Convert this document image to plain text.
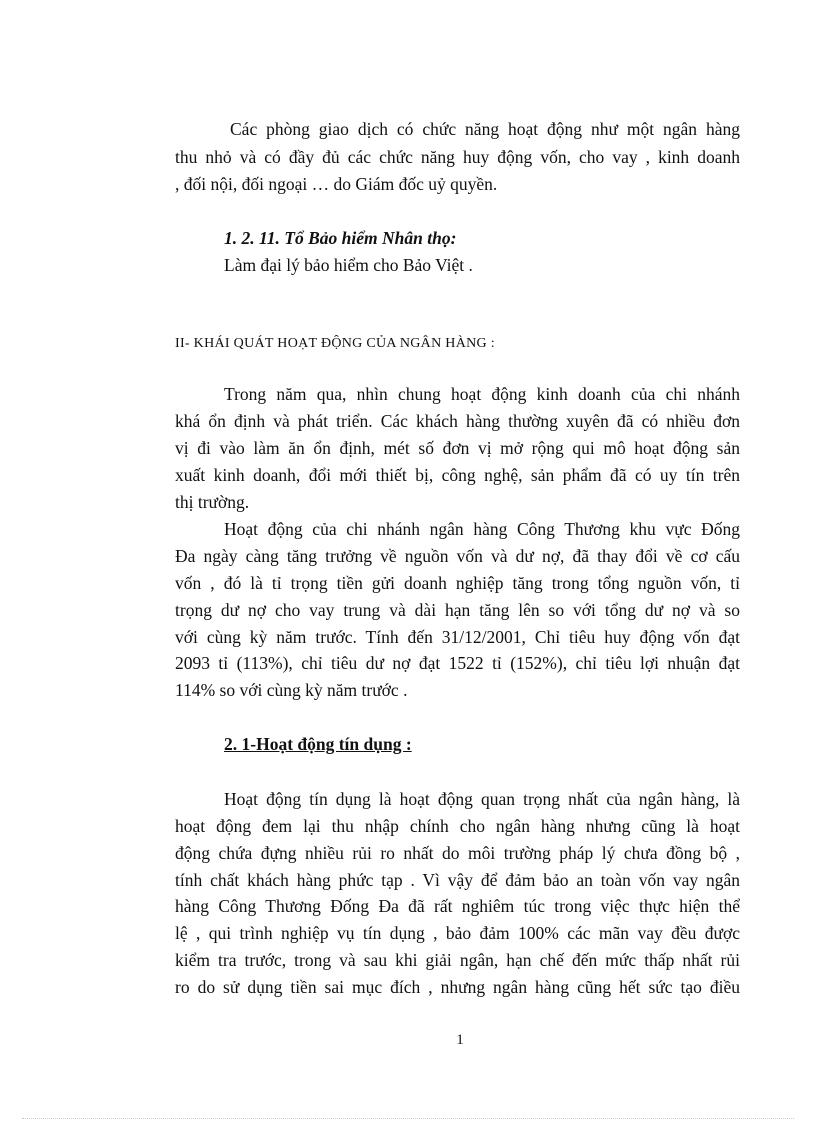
Các phòng giao dịch có chức năng hoạt động như một ngân hàng
thu nhỏ và có đầy đủ các chức năng huy động vốn, cho vay , kinh doanh
, đối nội, đối ngoại … do Giám đốc uỷ quyền.
1. 2. 11. Tổ Bảo hiểm Nhân thọ:
Làm đại lý bảo hiểm cho Bảo Việt .
II- KHÁI QUÁT HOẠT ĐỘNG CỦA NGÂN HÀNG :
Trong năm qua, nhìn chung hoạt động kinh doanh của chi nhánh
khá ổn định và phát triển. Các khách hàng thường xuyên đã có nhiều đơn
vị đi vào làm ăn ổn định, mét số đơn vị mở rộng qui mô hoạt động sản
xuất kinh doanh, đổi mới thiết bị, công nghệ, sản phẩm đã có uy tín trên
thị trường.
Hoạt động của chi nhánh ngân hàng Công Thương khu vực Đống
Đa ngày càng tăng trưởng về nguồn vốn và dư nợ, đã thay đổi về cơ cấu
vốn , đó là tỉ trọng tiền gửi doanh nghiệp tăng trong tổng nguồn vốn, tỉ
trọng dư nợ cho vay trung và dài hạn tăng lên so với tổng dư nợ và so
với cùng kỳ năm trước. Tính đến 31/12/2001, Chỉ tiêu huy động vốn đạt
2093 tỉ (113%), chỉ tiêu dư nợ đạt 1522 tỉ (152%), chỉ tiêu lợi nhuận đạt
114% so với cùng kỳ năm trước .
2. 1-Hoạt động tín dụng :
Hoạt động tín dụng là hoạt động quan trọng nhất của ngân hàng, là
hoạt động đem lại thu nhập chính cho ngân hàng nhưng cũng là hoạt
động chứa đựng nhiều rủi ro nhất do môi trường pháp lý chưa đồng bộ ,
tính chất khách hàng phức tạp . Vì vậy để đảm bảo an toàn vốn vay ngân
hàng Công Thương Đống Đa đã rất nghiêm túc trong việc thực hiện thể
lệ , qui trình nghiệp vụ tín dụng , bảo đảm 100% các mãn vay đều được
kiểm tra trước, trong và sau khi giải ngân, hạn chế đến mức thấp nhất rủi
ro do sử dụng tiền sai mục đích , nhưng ngân hàng cũng hết sức tạo điều
1
